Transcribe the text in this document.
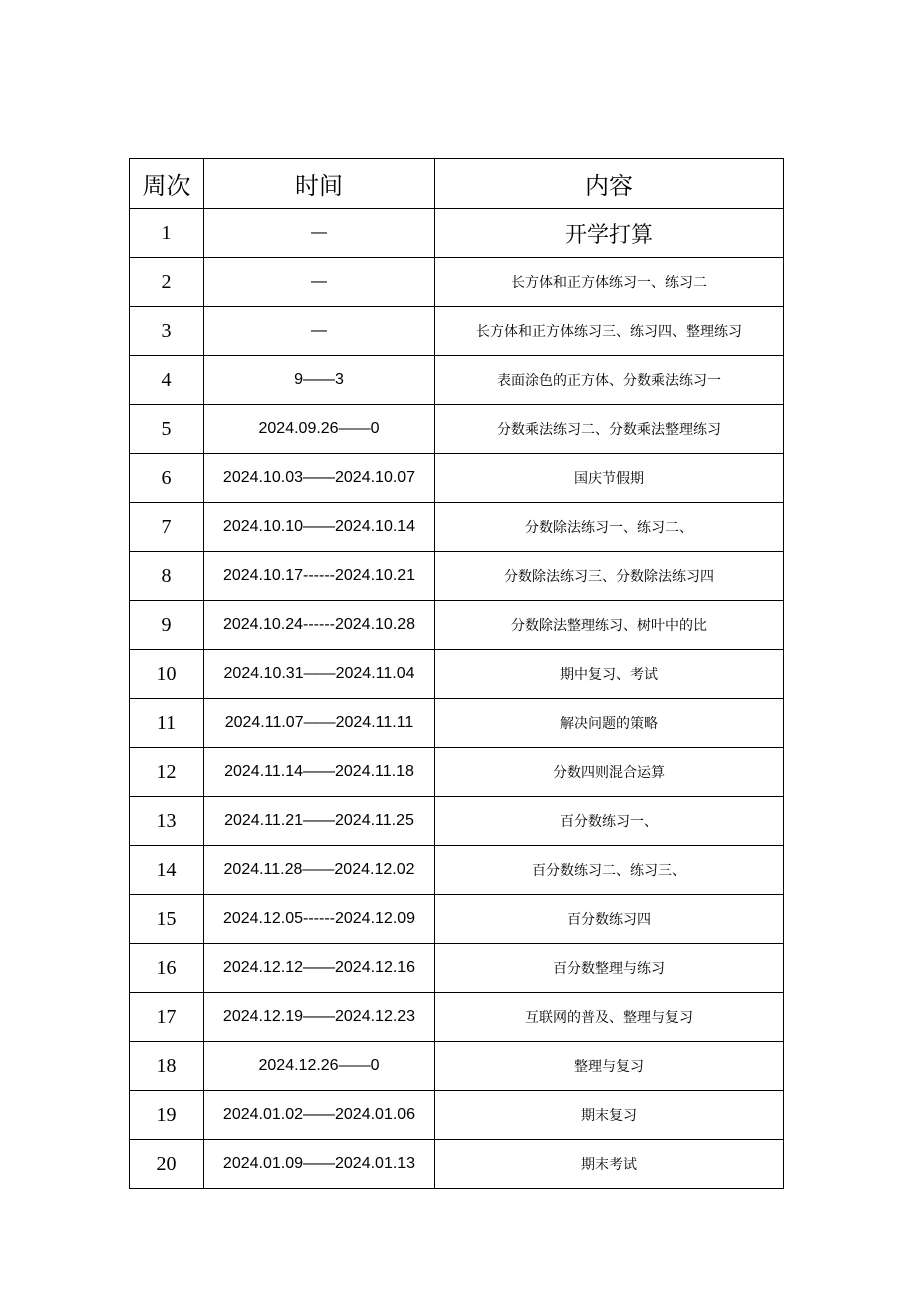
周次	时间	内容
1	—	开学打算
2	—	长方体和正方体练习一、练习二
3	—	长方体和正方体练习三、练习四、整理练习
4	9——3	表面涂色的正方体、分数乘法练习一
5	2024.09.26——0	分数乘法练习二、分数乘法整理练习
6	2024.10.03——2024.10.07	国庆节假期
7	2024.10.10——2024.10.14	分数除法练习一、练习二、
8	2024.10.17------2024.10.21	分数除法练习三、分数除法练习四
9	2024.10.24------2024.10.28	分数除法整理练习、树叶中的比
10	2024.10.31——2024.11.04	期中复习、考试
11	2024.11.07——2024.11.11	解决问题的策略
12	2024.11.14——2024.11.18	分数四则混合运算
13	2024.11.21——2024.11.25	百分数练习一、
14	2024.11.28——2024.12.02	百分数练习二、练习三、
15	2024.12.05------2024.12.09	百分数练习四
16	2024.12.12——2024.12.16	百分数整理与练习
17	2024.12.19——2024.12.23	互联网的普及、整理与复习
18	2024.12.26——0	整理与复习
19	2024.01.02——2024.01.06	期末复习
20	2024.01.09——2024.01.13	期末考试
